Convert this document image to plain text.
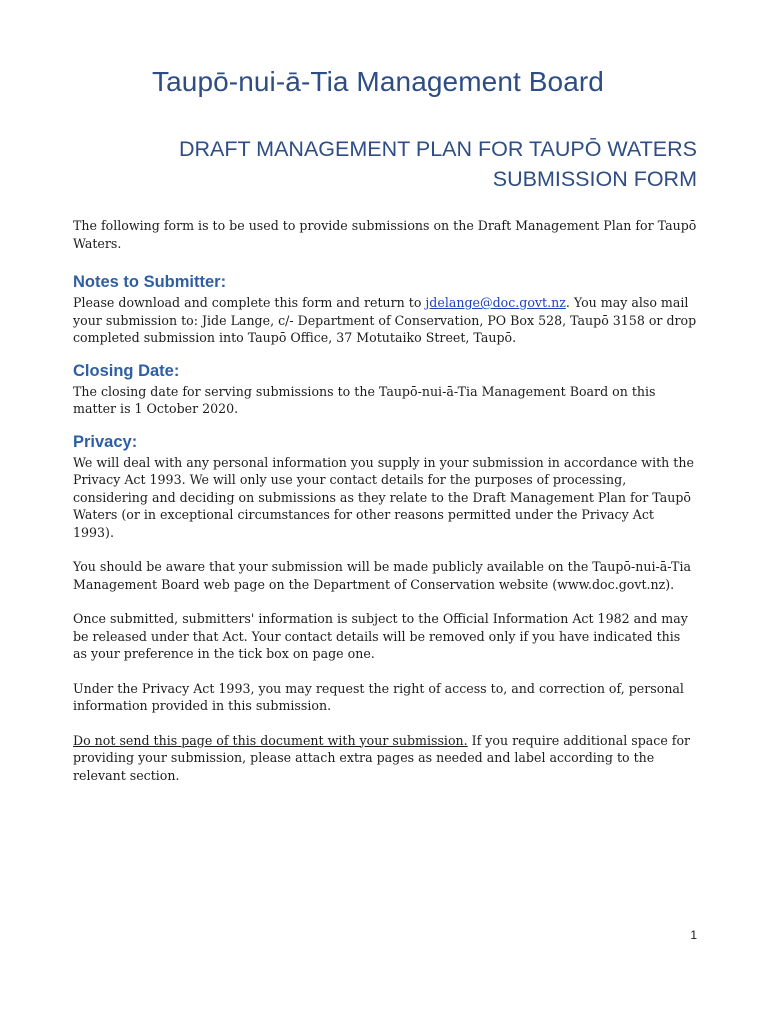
Taupō-nui-ā-Tia Management Board
DRAFT MANAGEMENT PLAN FOR TAUPŌ WATERS
SUBMISSION FORM

The following form is to be used to provide submissions on the Draft Management Plan for Taupō Waters.

Notes to Submitter:

Please download and complete this form and return to jdelange@doc.govt.nz. You may also mail your submission to: Jide Lange, c/- Department of Conservation, PO Box 528, Taupō 3158 or drop completed submission into Taupō Office, 37 Motutaiko Street, Taupō.

Closing Date:

The closing date for serving submissions to the Taupō-nui-ā-Tia Management Board on this matter is 1 October 2020.

Privacy:

We will deal with any personal information you supply in your submission in accordance with the Privacy Act 1993. We will only use your contact details for the purposes of processing, considering and deciding on submissions as they relate to the Draft Management Plan for Taupō Waters (or in exceptional circumstances for other reasons permitted under the Privacy Act 1993).

You should be aware that your submission will be made publicly available on the Taupō-nui-ā-Tia Management Board web page on the Department of Conservation website (www.doc.govt.nz).

Once submitted, submitters' information is subject to the Official Information Act 1982 and may be released under that Act. Your contact details will be removed only if you have indicated this as your preference in the tick box on page one.

Under the Privacy Act 1993, you may request the right of access to, and correction of, personal information provided in this submission.

Do not send this page of this document with your submission. If you require additional space for providing your submission, please attach extra pages as needed and label according to the relevant section.

1
